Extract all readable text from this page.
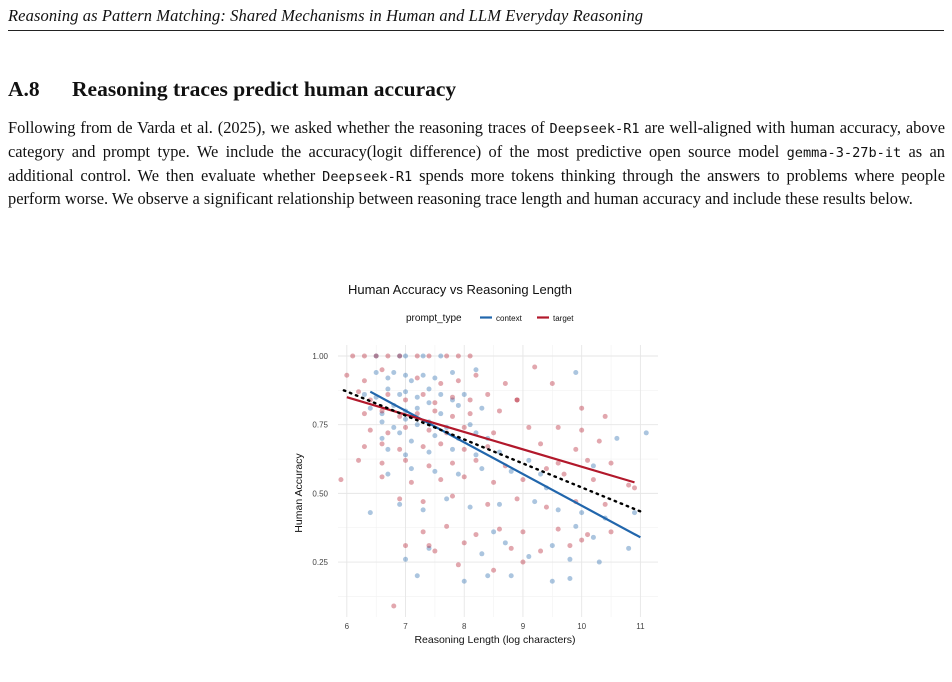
Reasoning as Pattern Matching: Shared Mechanisms in Human and LLM Everyday Reasoning
A.8 Reasoning traces predict human accuracy
Following from de Varda et al. (2025), we asked whether the reasoning traces of Deepseek-R1 are well-aligned with human accuracy, above category and prompt type. We include the accuracy(logit difference) of the most predictive open source model gemma-3-27b-it as an additional control. We then evaluate whether Deepseek-R1 spends more tokens thinking through the answers to problems where people perform worse. We observe a significant relationship between reasoning trace length and human accuracy and include these results below.
Human Accuracy vs Reasoning Length
prompt_type	context	target
6	7	8	9	10	11
0.25
0.50
0.75
1.00
Reasoning Length (log characters)
Human Accuracy
